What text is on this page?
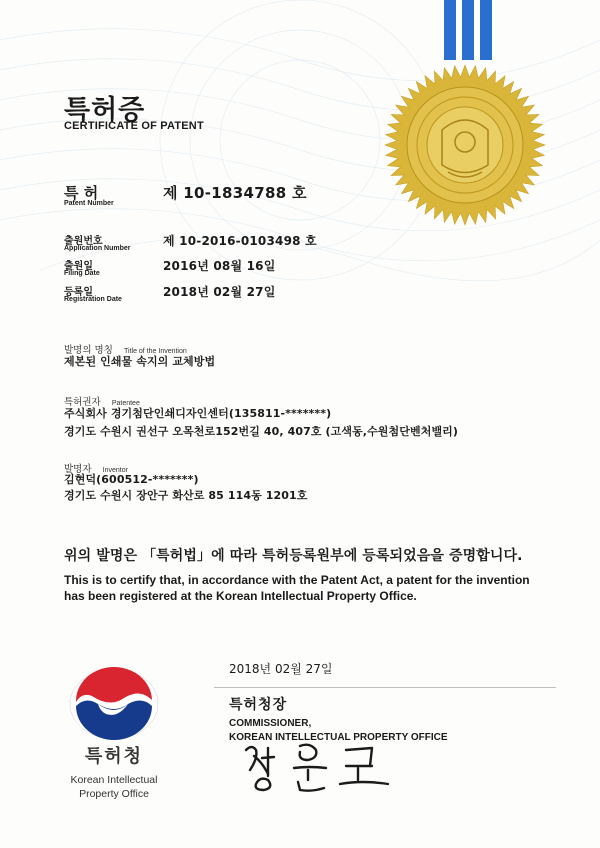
특허증
CERTIFICATE OF PATENT
특 허
Patent Number
제 10-1834788 호
출원번호
Application Number
제 10-2016-0103498 호
출원일
Filing Date
2016년 08월 16일
등록일
Registration Date
2018년 02월 27일
발명의 명칭 Title of the Invention
제본된 인쇄물 속지의 교체방법
특허권자 Patentee
주식회사 경기첨단인쇄디자인센터(135811-*******)
경기도 수원시 권선구 오목천로152번길 40, 407호 (고색동,수원첨단벤처밸리)
발명자 Inventor
김현덕(600512-*******)
경기도 수원시 장안구 화산로 85 114동 1201호
위의 발명은 「특허법」에 따라 특허등록원부에 등록되었음을 증명합니다.
This is to certify that, in accordance with the Patent Act, a patent for the invention
has been registered at the Korean Intellectual Property Office.
2018년 02월 27일
특허청장
COMMISSIONER,
KOREAN INTELLECTUAL PROPERTY OFFICE
특허청
Korean Intellectual
Property Office
